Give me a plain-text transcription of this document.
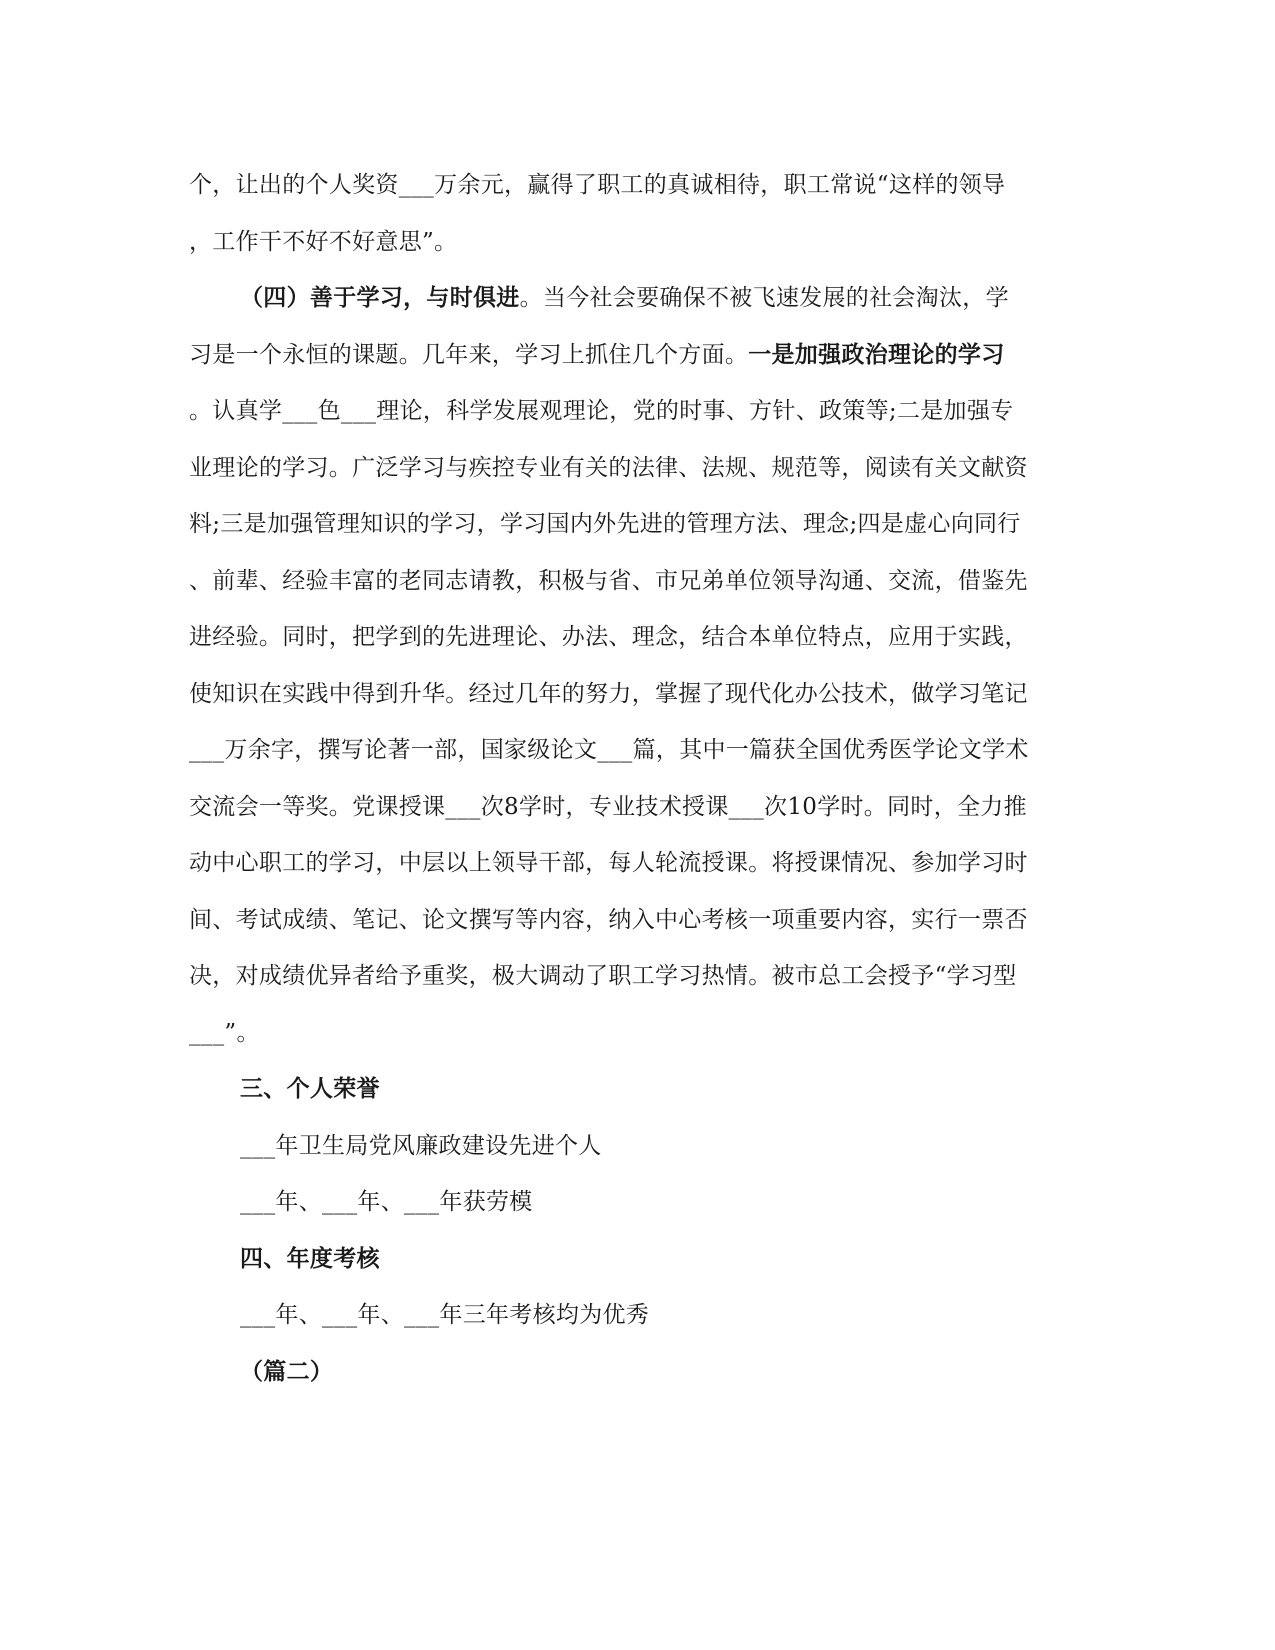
个，让出的个人奖资___万余元，赢得了职工的真诚相待，职工常说“这样的领导
，工作干不好不好意思”。
（四）善于学习，与时俱进。当今社会要确保不被飞速发展的社会淘汰，学
习是一个永恒的课题。几年来，学习上抓住几个方面。一是加强政治理论的学习
。认真学___色___理论，科学发展观理论，党的时事、方针、政策等;二是加强专
业理论的学习。广泛学习与疾控专业有关的法律、法规、规范等，阅读有关文献资
料;三是加强管理知识的学习，学习国内外先进的管理方法、理念;四是虚心向同行
、前辈、经验丰富的老同志请教，积极与省、市兄弟单位领导沟通、交流，借鉴先
进经验。同时，把学到的先进理论、办法、理念，结合本单位特点，应用于实践，
使知识在实践中得到升华。经过几年的努力，掌握了现代化办公技术，做学习笔记
___万余字，撰写论著一部，国家级论文___篇，其中一篇获全国优秀医学论文学术
交流会一等奖。党课授课___次8学时，专业技术授课___次10学时。同时，全力推
动中心职工的学习，中层以上领导干部，每人轮流授课。将授课情况、参加学习时
间、考试成绩、笔记、论文撰写等内容，纳入中心考核一项重要内容，实行一票否
决，对成绩优异者给予重奖，极大调动了职工学习热情。被市总工会授予“学习型
___”。
三、个人荣誉
___年卫生局党风廉政建设先进个人
___年、___年、___年获劳模
四、年度考核
___年、___年、___年三年考核均为优秀
（篇二）
